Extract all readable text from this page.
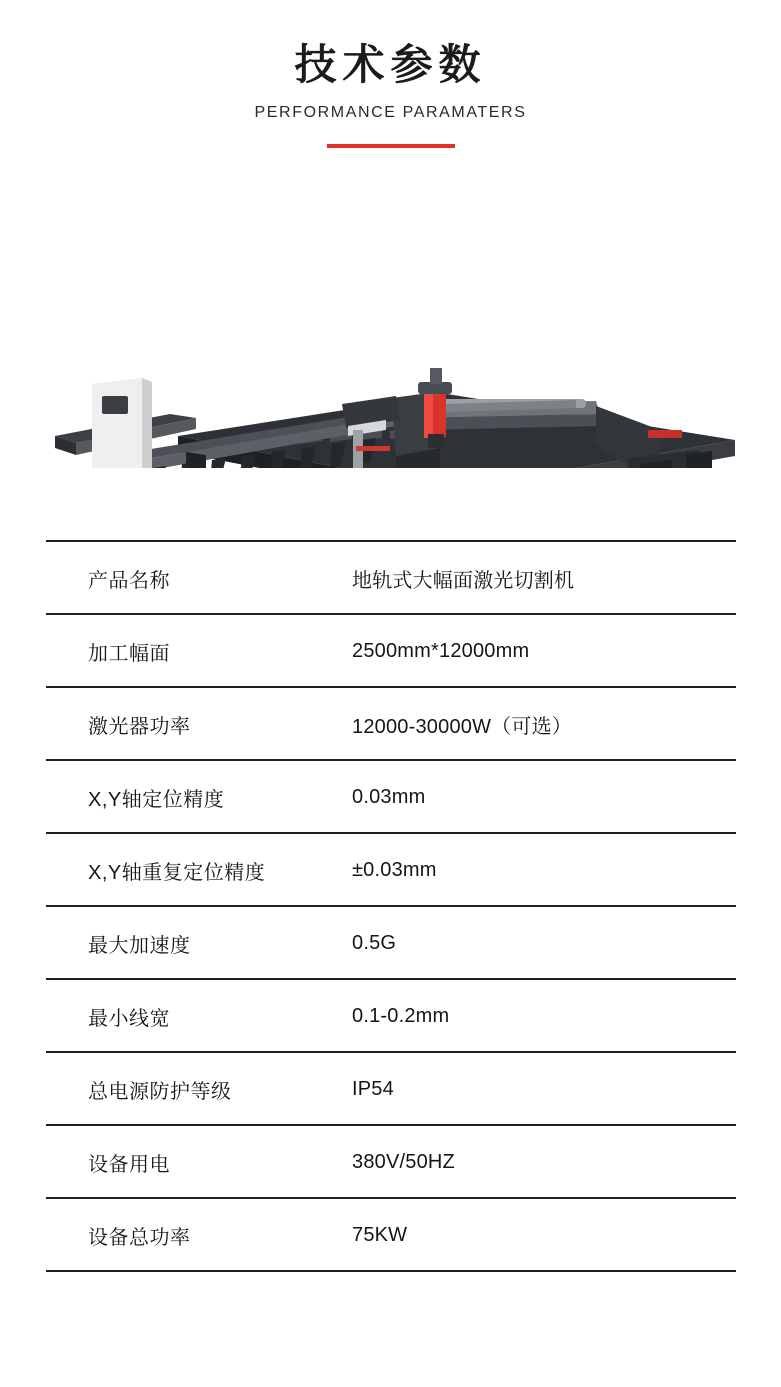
技术参数
PERFORMANCE PARAMATERS
产品名称	地轨式大幅面激光切割机
加工幅面	2500mm*12000mm
激光器功率	12000-30000W（可选）
X,Y轴定位精度	0.03mm
X,Y轴重复定位精度	±0.03mm
最大加速度	0.5G
最小线宽	0.1-0.2mm
总电源防护等级	IP54
设备用电	380V/50HZ
设备总功率	75KW
